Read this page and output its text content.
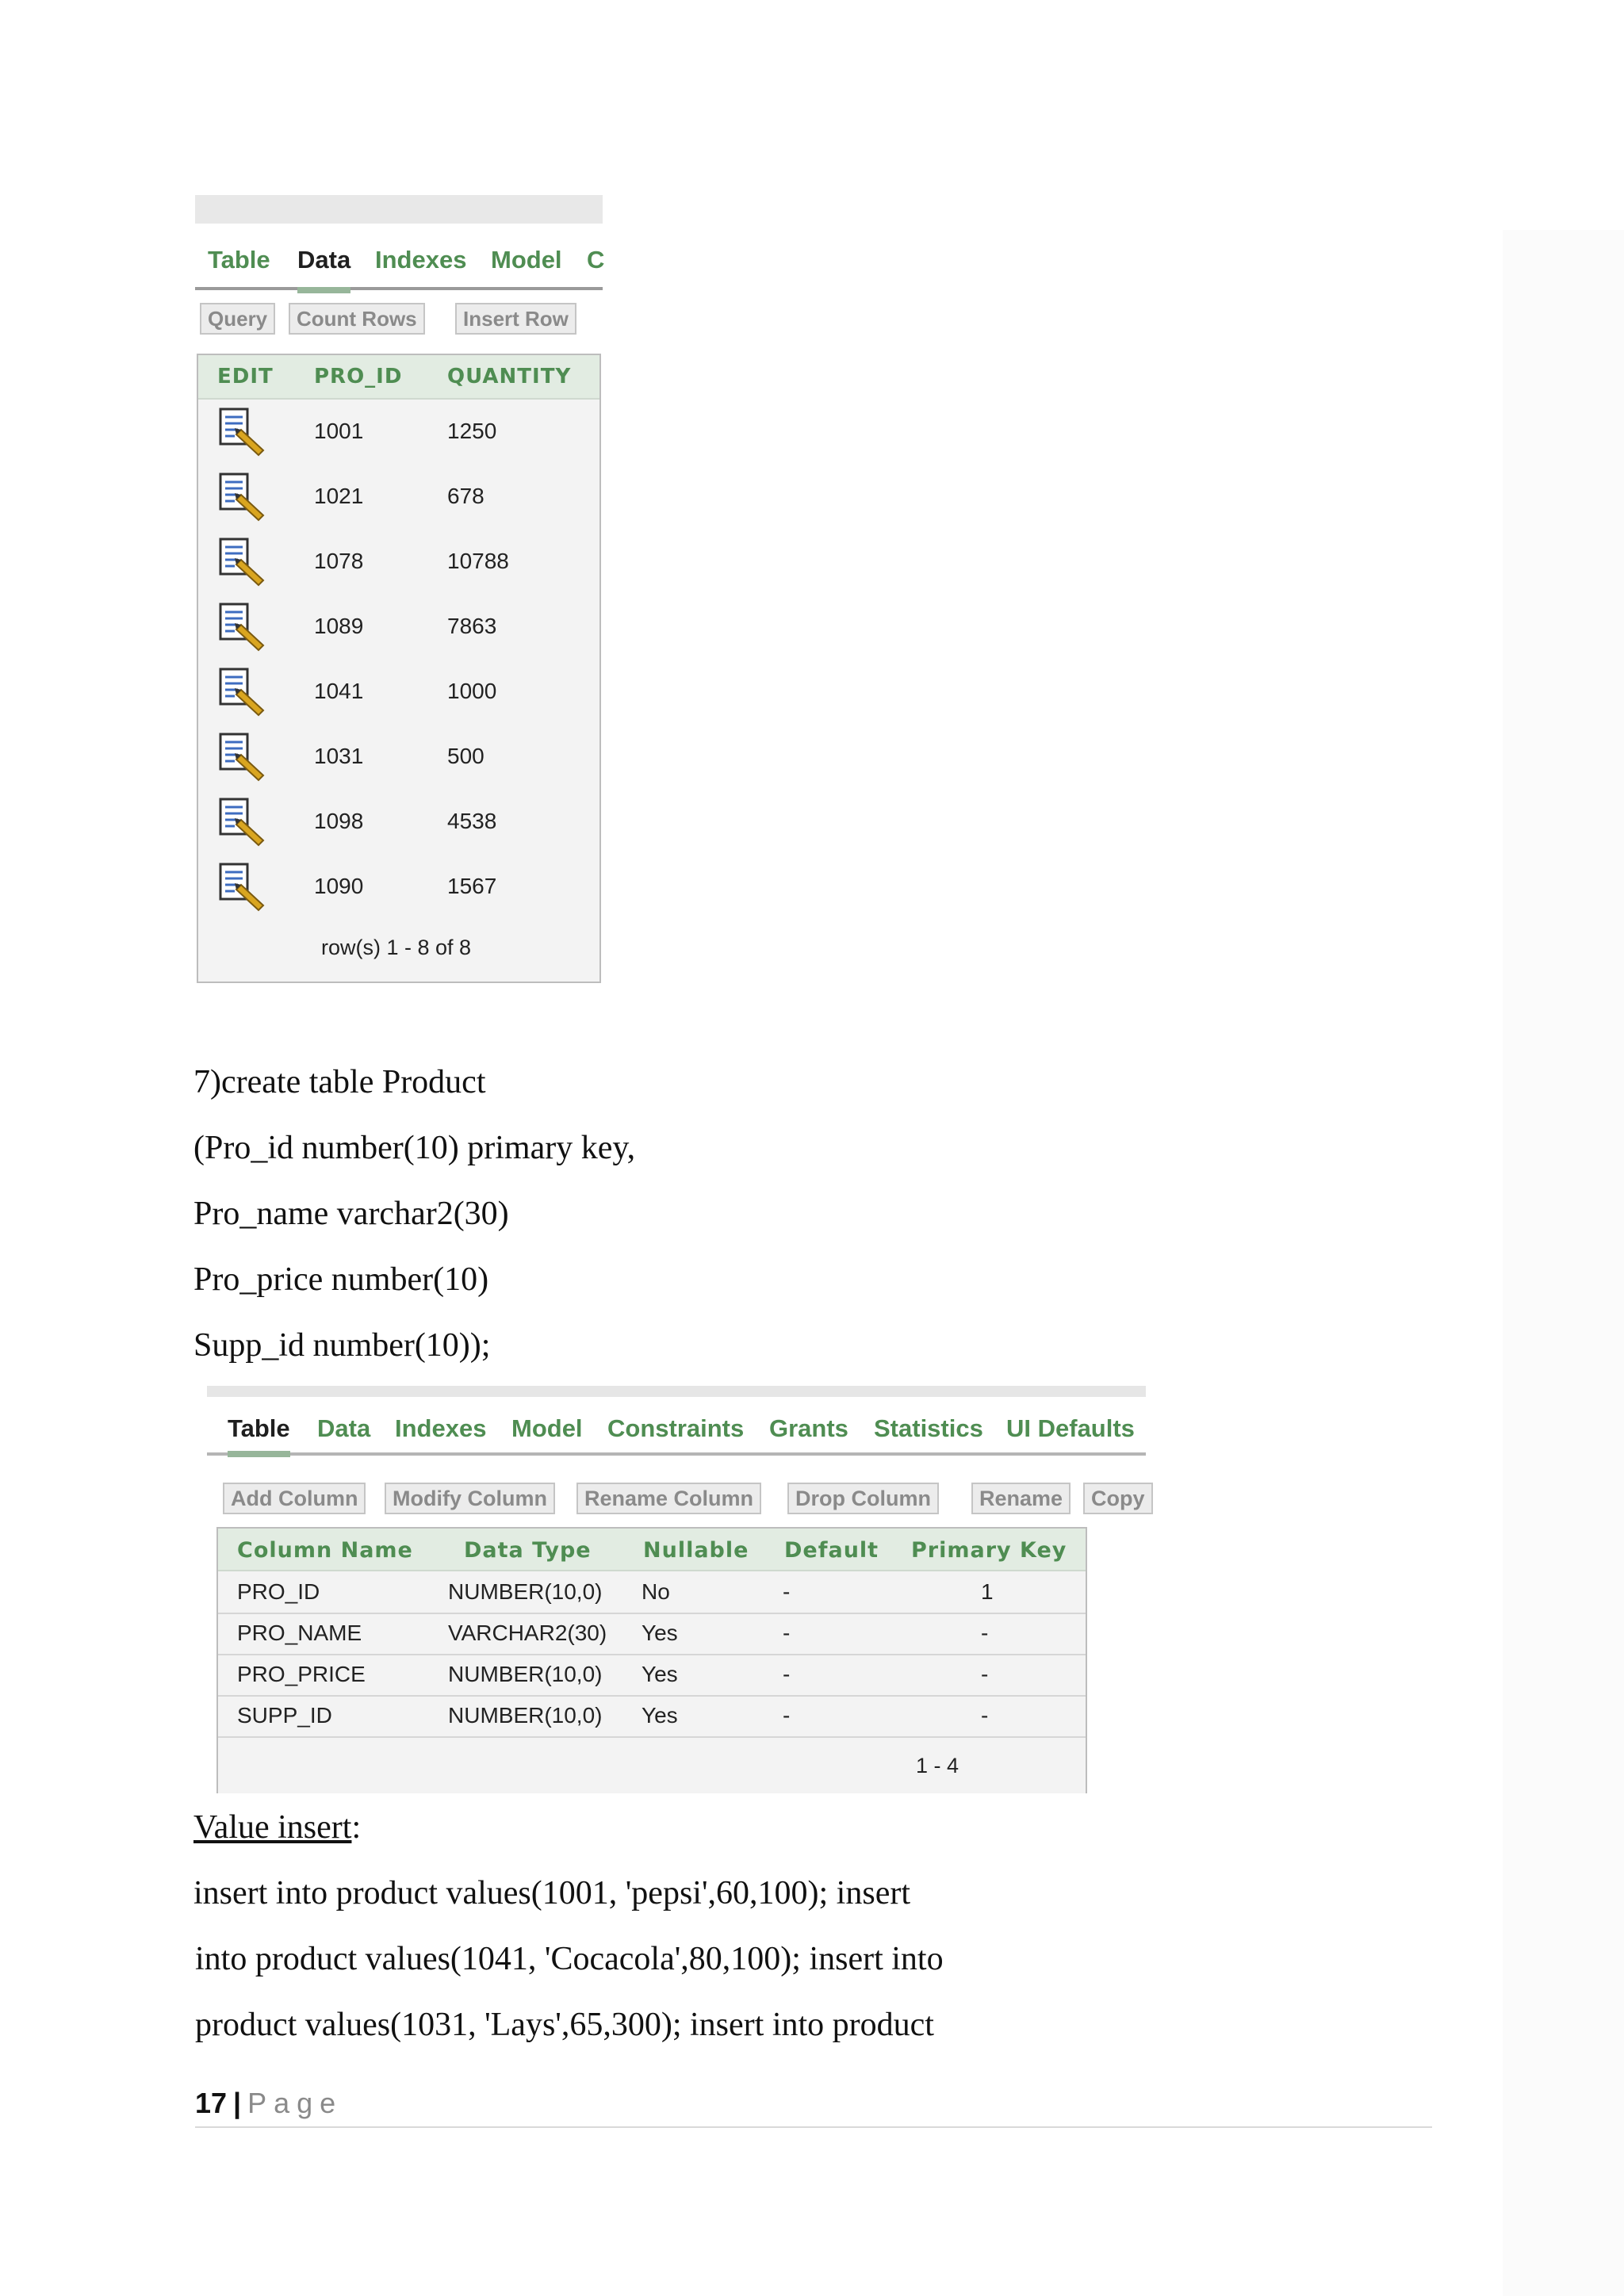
Table Data Indexes Model C
Query	Count Rows	Insert Row
EDIT PRO_ID QUANTITY
1001	1250
1021	678
1078	10788
1089	7863
1041	1000
1031	500
1098	4538
1090	1567
row(s) 1 - 8 of 8
7)create table Product
(Pro_id number(10) primary key,
Pro_name varchar2(30)
Pro_price number(10)
Supp_id number(10));
Table Data Indexes Model Constraints Grants Statistics UI Defaults
Add Column	Modify Column	Rename Column	Drop Column	Rename	Copy
Column Name Data Type Nullable Default Primary Key
PRO_ID	NUMBER(10,0) No	-	1
PRO_NAME	VARCHAR2(30) Yes	-	-
PRO_PRICE	NUMBER(10,0) Yes	-	-
SUPP_ID	NUMBER(10,0) Yes	-	-
1 - 4
Value insert:
insert into product values(1001, 'pepsi',60,100); insert
into product values(1041, 'Cocacola',80,100); insert into
product values(1031, 'Lays',65,300); insert into product
17 | Page
